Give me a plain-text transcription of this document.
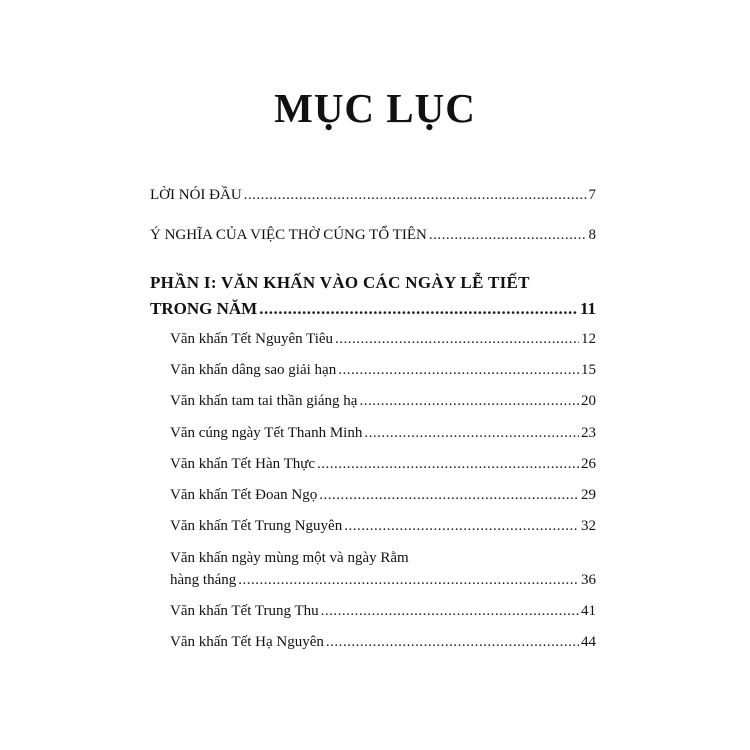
MỤC LỤC
LỜI NÓI ĐẦU .....	7
Ý NGHĨA CỦA VIỆC THỜ CÚNG TỔ TIÊN .....	8
PHẦN I: VĂN KHẤN VÀO CÁC NGÀY LỄ TIẾT
TRONG NĂM .....	11
Văn khấn Tết Nguyên Tiêu .....	12
Văn khấn dâng sao giải hạn .....	15
Văn khấn tam tai thần giáng hạ .....	20
Văn cúng ngày Tết Thanh Minh .....	23
Văn khấn Tết Hàn Thực .....	26
Văn khấn Tết Đoan Ngọ .....	29
Văn khấn Tết Trung Nguyên .....	32
Văn khấn ngày mùng một và ngày Rằm
hàng tháng .....	36
Văn khấn Tết Trung Thu .....	41
Văn khấn Tết Hạ Nguyên .....	44
